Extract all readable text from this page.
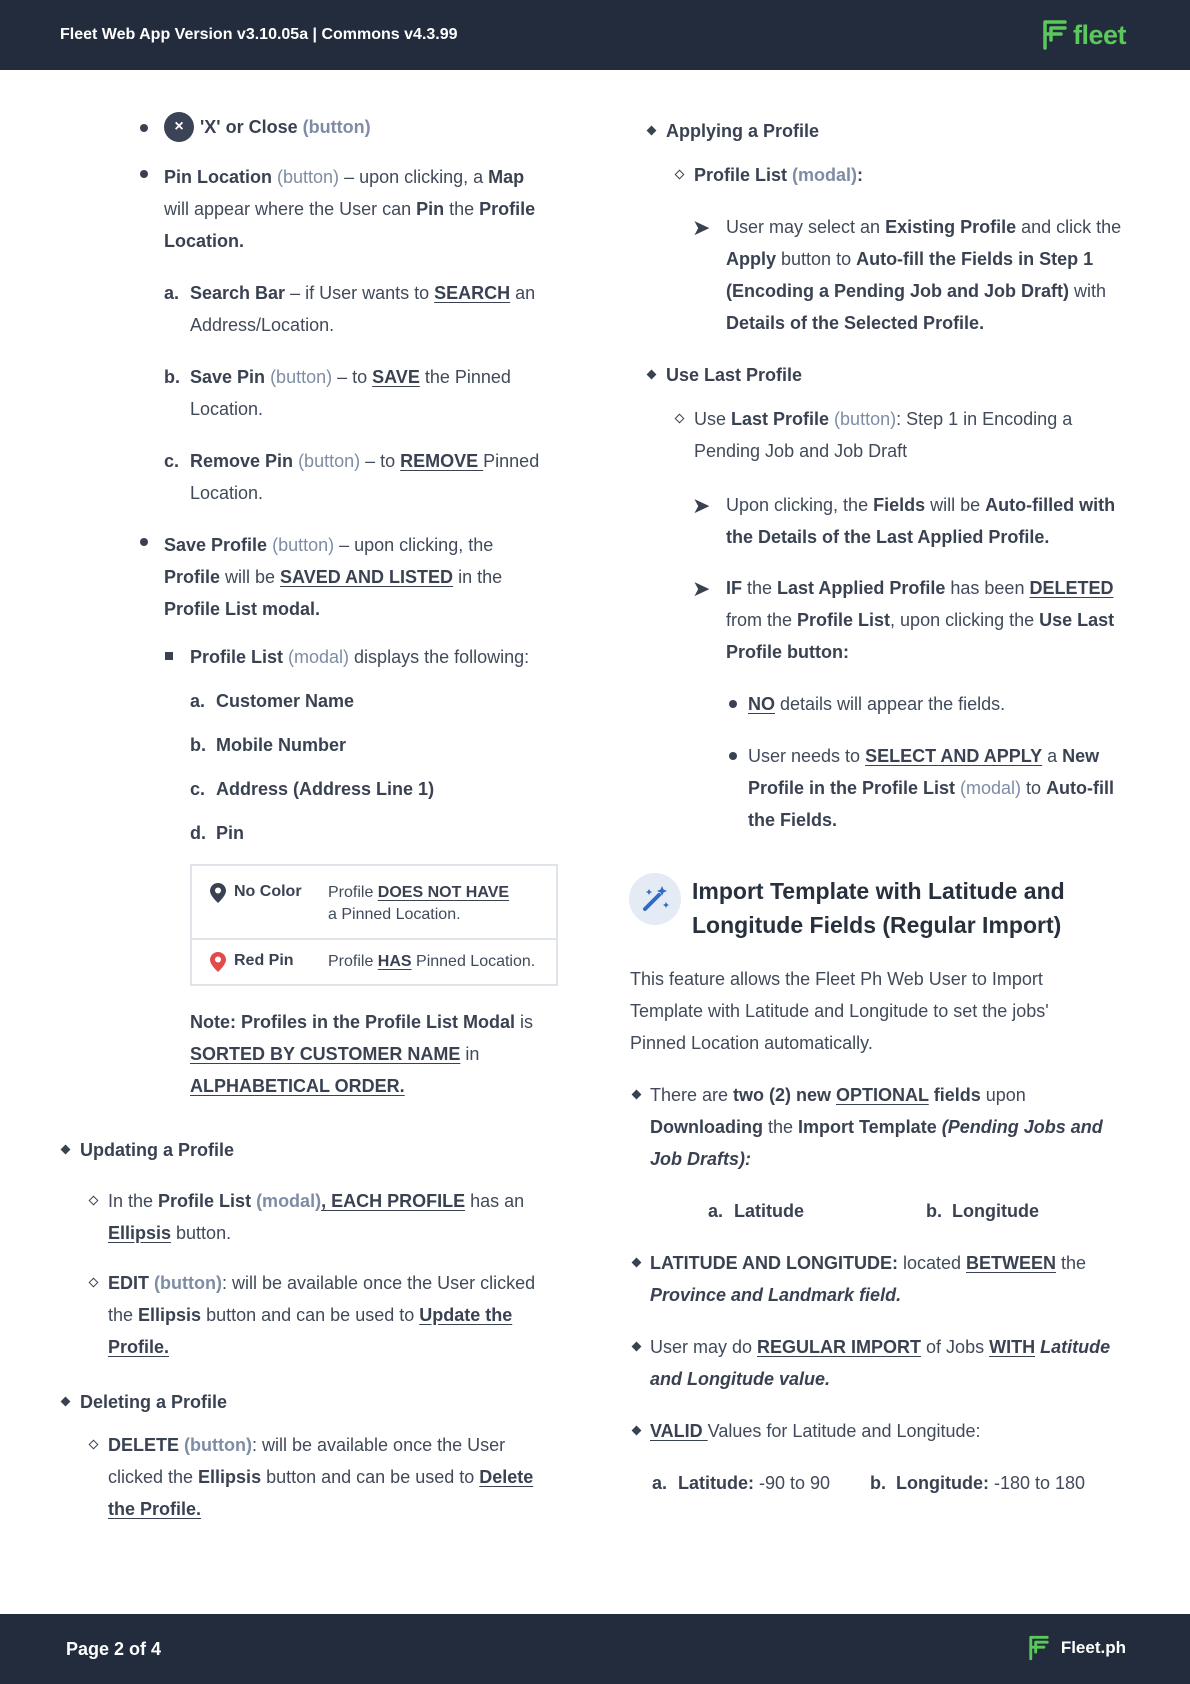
Fleet Web App Version v3.10.05a | Commons v4.3.99	fleet
× 'X' or Close (button)
Pin Location (button) – upon clicking, a Map
will appear where the User can Pin the Profile
Location.
a. Search Bar – if User wants to SEARCH an
Address/Location.
b. Save Pin (button) – to SAVE the Pinned
Location.
c. Remove Pin (button) – to REMOVE Pinned
Location.
Save Profile (button) – upon clicking, the
Profile will be SAVED AND LISTED in the
Profile List modal.
Profile List (modal) displays the following:
a. Customer Name
b. Mobile Number
c. Address (Address Line 1)
d. Pin
No Color Profile DOES NOT HAVE
a Pinned Location.
Red Pin Profile HAS Pinned Location.
Note: Profiles in the Profile List Modal is
SORTED BY CUSTOMER NAME in
ALPHABETICAL ORDER.
Updating a Profile
In the Profile List (modal), EACH PROFILE has an
Ellipsis button.
EDIT (button): will be available once the User clicked
the Ellipsis button and can be used to Update the
Profile.
Deleting a Profile
DELETE (button): will be available once the User
clicked the Ellipsis button and can be used to Delete
the Profile.
Applying a Profile
Profile List (modal):
➤ User may select an Existing Profile and click the
Apply button to Auto-fill the Fields in Step 1
(Encoding a Pending Job and Job Draft) with
Details of the Selected Profile.
Use Last Profile
Use Last Profile (button): Step 1 in Encoding a
Pending Job and Job Draft
➤ Upon clicking, the Fields will be Auto-filled with
the Details of the Last Applied Profile.
➤ IF the Last Applied Profile has been DELETED
from the Profile List, upon clicking the Use Last
Profile button:
NO details will appear the fields.
User needs to SELECT AND APPLY a New
Profile in the Profile List (modal) to Auto-fill
the Fields.
Import Template with Latitude and
Longitude Fields (Regular Import)
This feature allows the Fleet Ph Web User to Import
Template with Latitude and Longitude to set the jobs'
Pinned Location automatically.
There are two (2) new OPTIONAL fields upon
Downloading the Import Template (Pending Jobs and
Job Drafts):
a. Latitude	b. Longitude
LATITUDE AND LONGITUDE: located BETWEEN the
Province and Landmark field.
User may do REGULAR IMPORT of Jobs WITH Latitude
and Longitude value.
VALID Values for Latitude and Longitude:
a. Latitude: -90 to 90 b. Longitude: -180 to 180
Page 2 of 4	Fleet.ph
